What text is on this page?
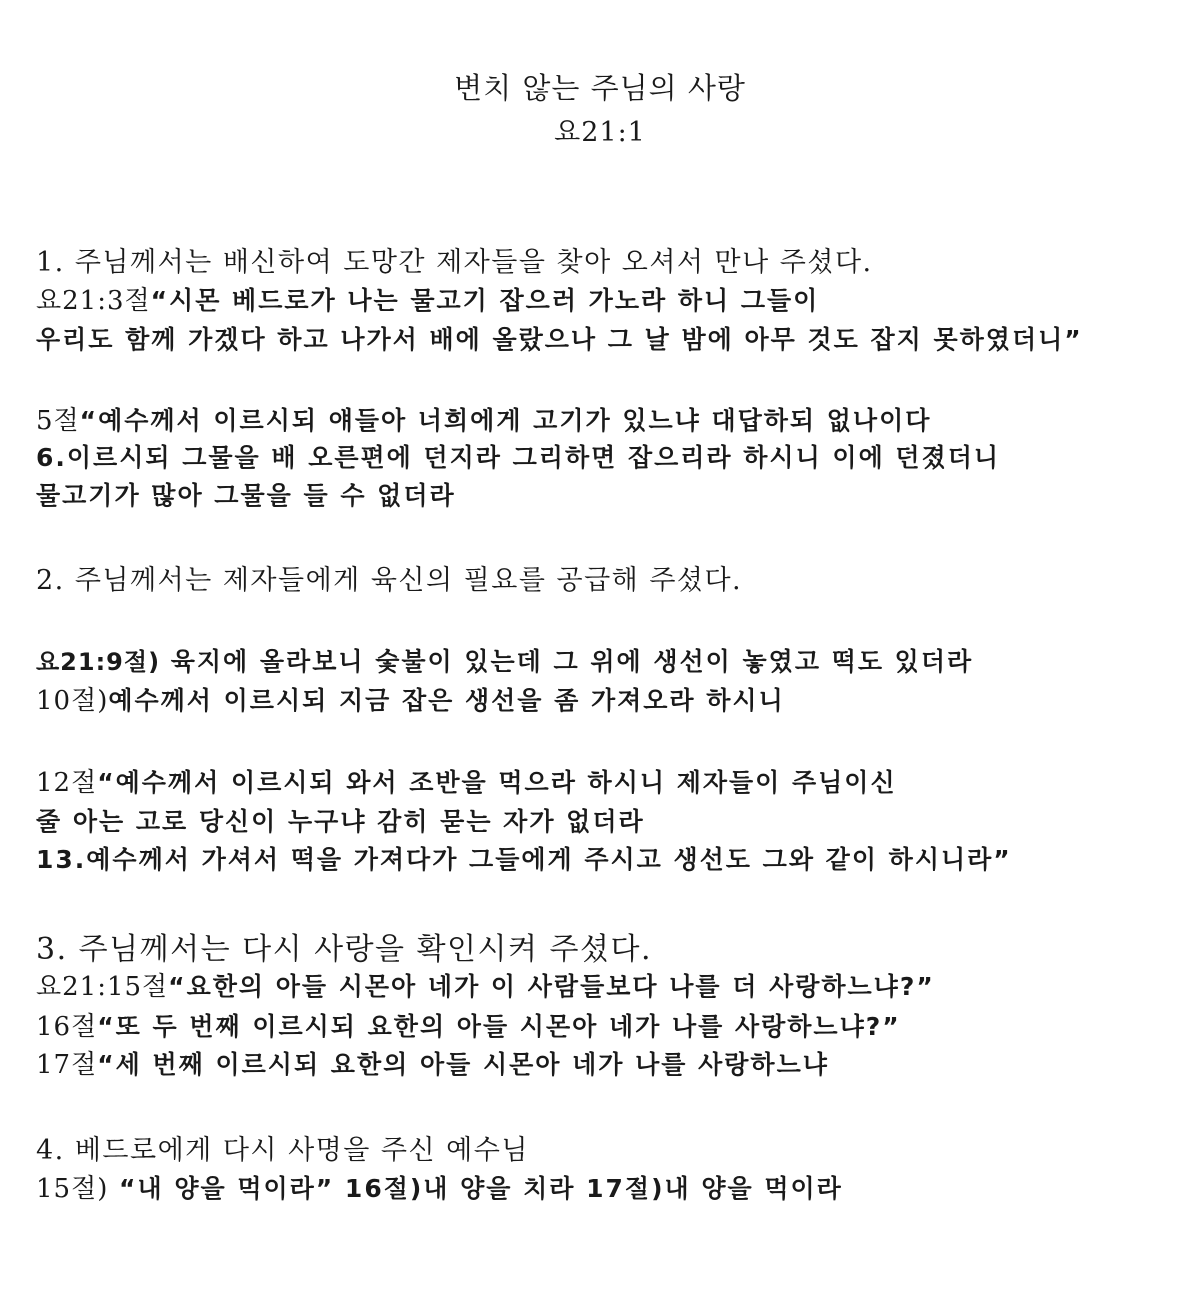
변치 않는 주님의 사랑
요21:1
1. 주님께서는 배신하여 도망간 제자들을 찾아 오셔서 만나 주셨다.
요21:3절“시몬 베드로가 나는 물고기 잡으러 가노라 하니 그들이
우리도 함께 가겠다 하고 나가서 배에 올랐으나 그 날 밤에 아무 것도 잡지 못하였더니”
5절“예수께서 이르시되 얘들아 너희에게 고기가 있느냐 대답하되 없나이다
6.이르시되 그물을 배 오른편에 던지라 그리하면 잡으리라 하시니 이에 던졌더니
물고기가 많아 그물을 들 수 없더라
2. 주님께서는 제자들에게 육신의 필요를 공급해 주셨다.
요21:9절) 육지에 올라보니 숯불이 있는데 그 위에 생선이 놓였고 떡도 있더라
10절)예수께서 이르시되 지금 잡은 생선을 좀 가져오라 하시니
12절“예수께서 이르시되 와서 조반을 먹으라 하시니 제자들이 주님이신
줄 아는 고로 당신이 누구냐 감히 묻는 자가 없더라
13.예수께서 가셔서 떡을 가져다가 그들에게 주시고 생선도 그와 같이 하시니라”
3. 주님께서는 다시 사랑을 확인시켜 주셨다.
요21:15절“요한의 아들 시몬아 네가 이 사람들보다 나를 더 사랑하느냐?”
16절“또 두 번째 이르시되 요한의 아들 시몬아 네가 나를 사랑하느냐?”
17절“세 번째 이르시되 요한의 아들 시몬아 네가 나를 사랑하느냐
4. 베드로에게 다시 사명을 주신 예수님
15절) “내 양을 먹이라” 16절)내 양을 치라 17절)내 양을 먹이라
